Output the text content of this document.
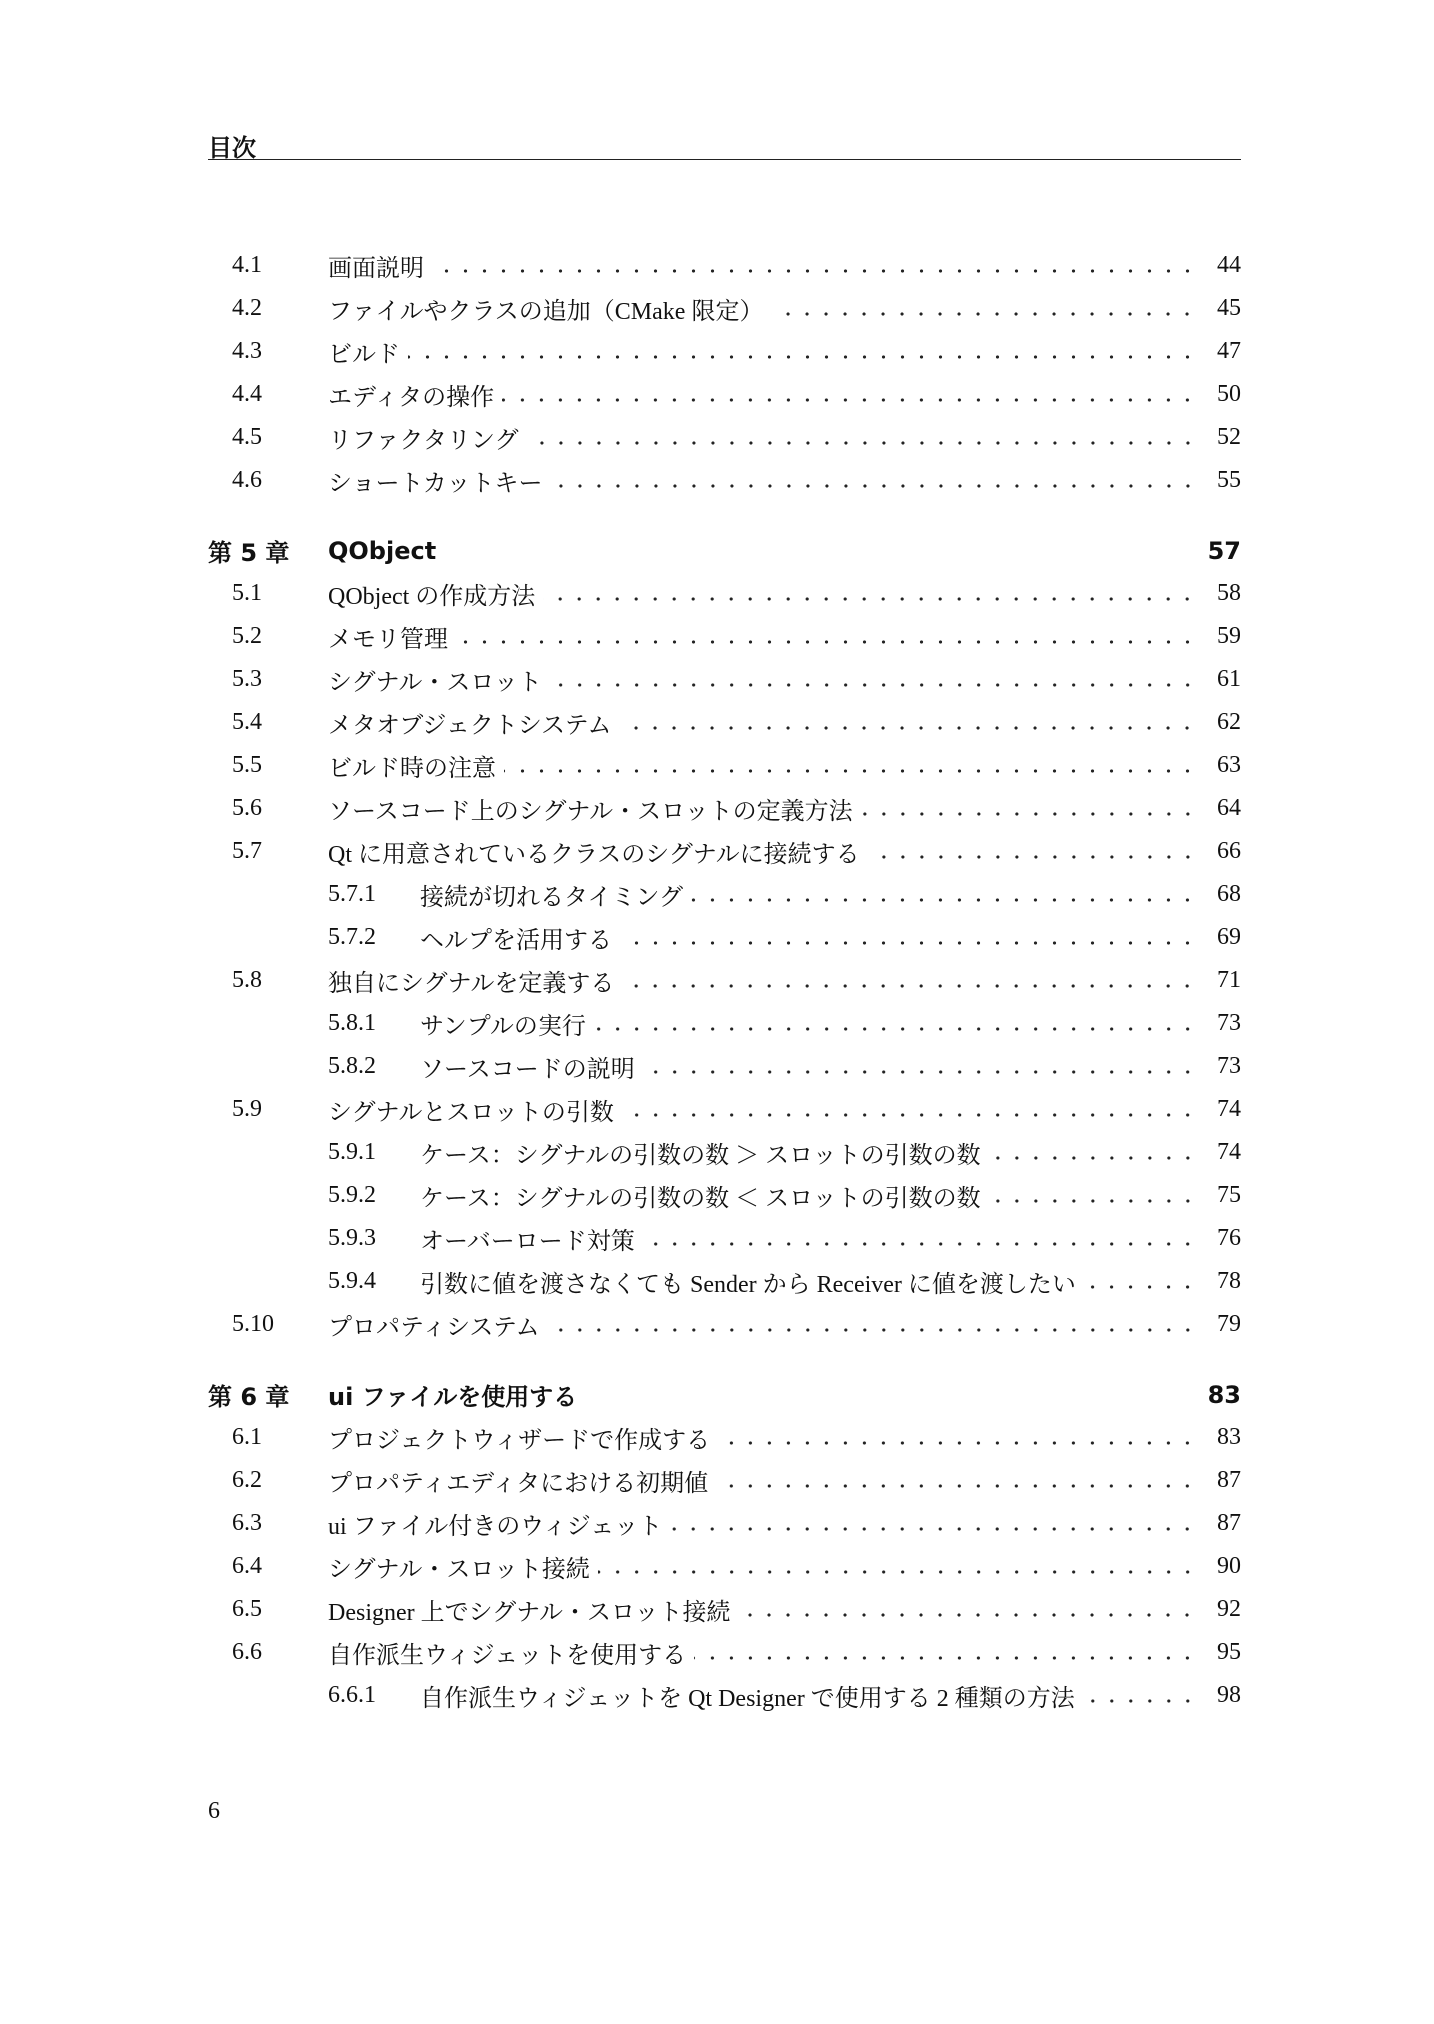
目次
4.1	画面説明	44
4.2	ファイルやクラスの追加（CMake 限定）	45
4.3	ビルド	47
4.4	エディタの操作	50
4.5	リファクタリング	52
4.6	ショートカットキー	55
第 5 章	QObject	57
5.1	QObject の作成方法	58
5.2	メモリ管理	59
5.3	シグナル・スロット	61
5.4	メタオブジェクトシステム	62
5.5	ビルド時の注意	63
5.6	ソースコード上のシグナル・スロットの定義方法	64
5.7	Qt に用意されているクラスのシグナルに接続する	66
5.7.1	接続が切れるタイミング	68
5.7.2	ヘルプを活用する	69
5.8	独自にシグナルを定義する	71
5.8.1	サンプルの実行	73
5.8.2	ソースコードの説明	73
5.9	シグナルとスロットの引数	74
5.9.1	ケース：シグナルの引数の数 ＞ スロットの引数の数	74
5.9.2	ケース：シグナルの引数の数 ＜ スロットの引数の数	75
5.9.3	オーバーロード対策	76
5.9.4	引数に値を渡さなくても Sender から Receiver に値を渡したい	78
5.10	プロパティシステム	79
第 6 章	ui ファイルを使用する	83
6.1	プロジェクトウィザードで作成する	83
6.2	プロパティエディタにおける初期値	87
6.3	ui ファイル付きのウィジェット	87
6.4	シグナル・スロット接続	90
6.5	Designer 上でシグナル・スロット接続	92
6.6	自作派生ウィジェットを使用する	95
6.6.1	自作派生ウィジェットを Qt Designer で使用する 2 種類の方法	98
6
